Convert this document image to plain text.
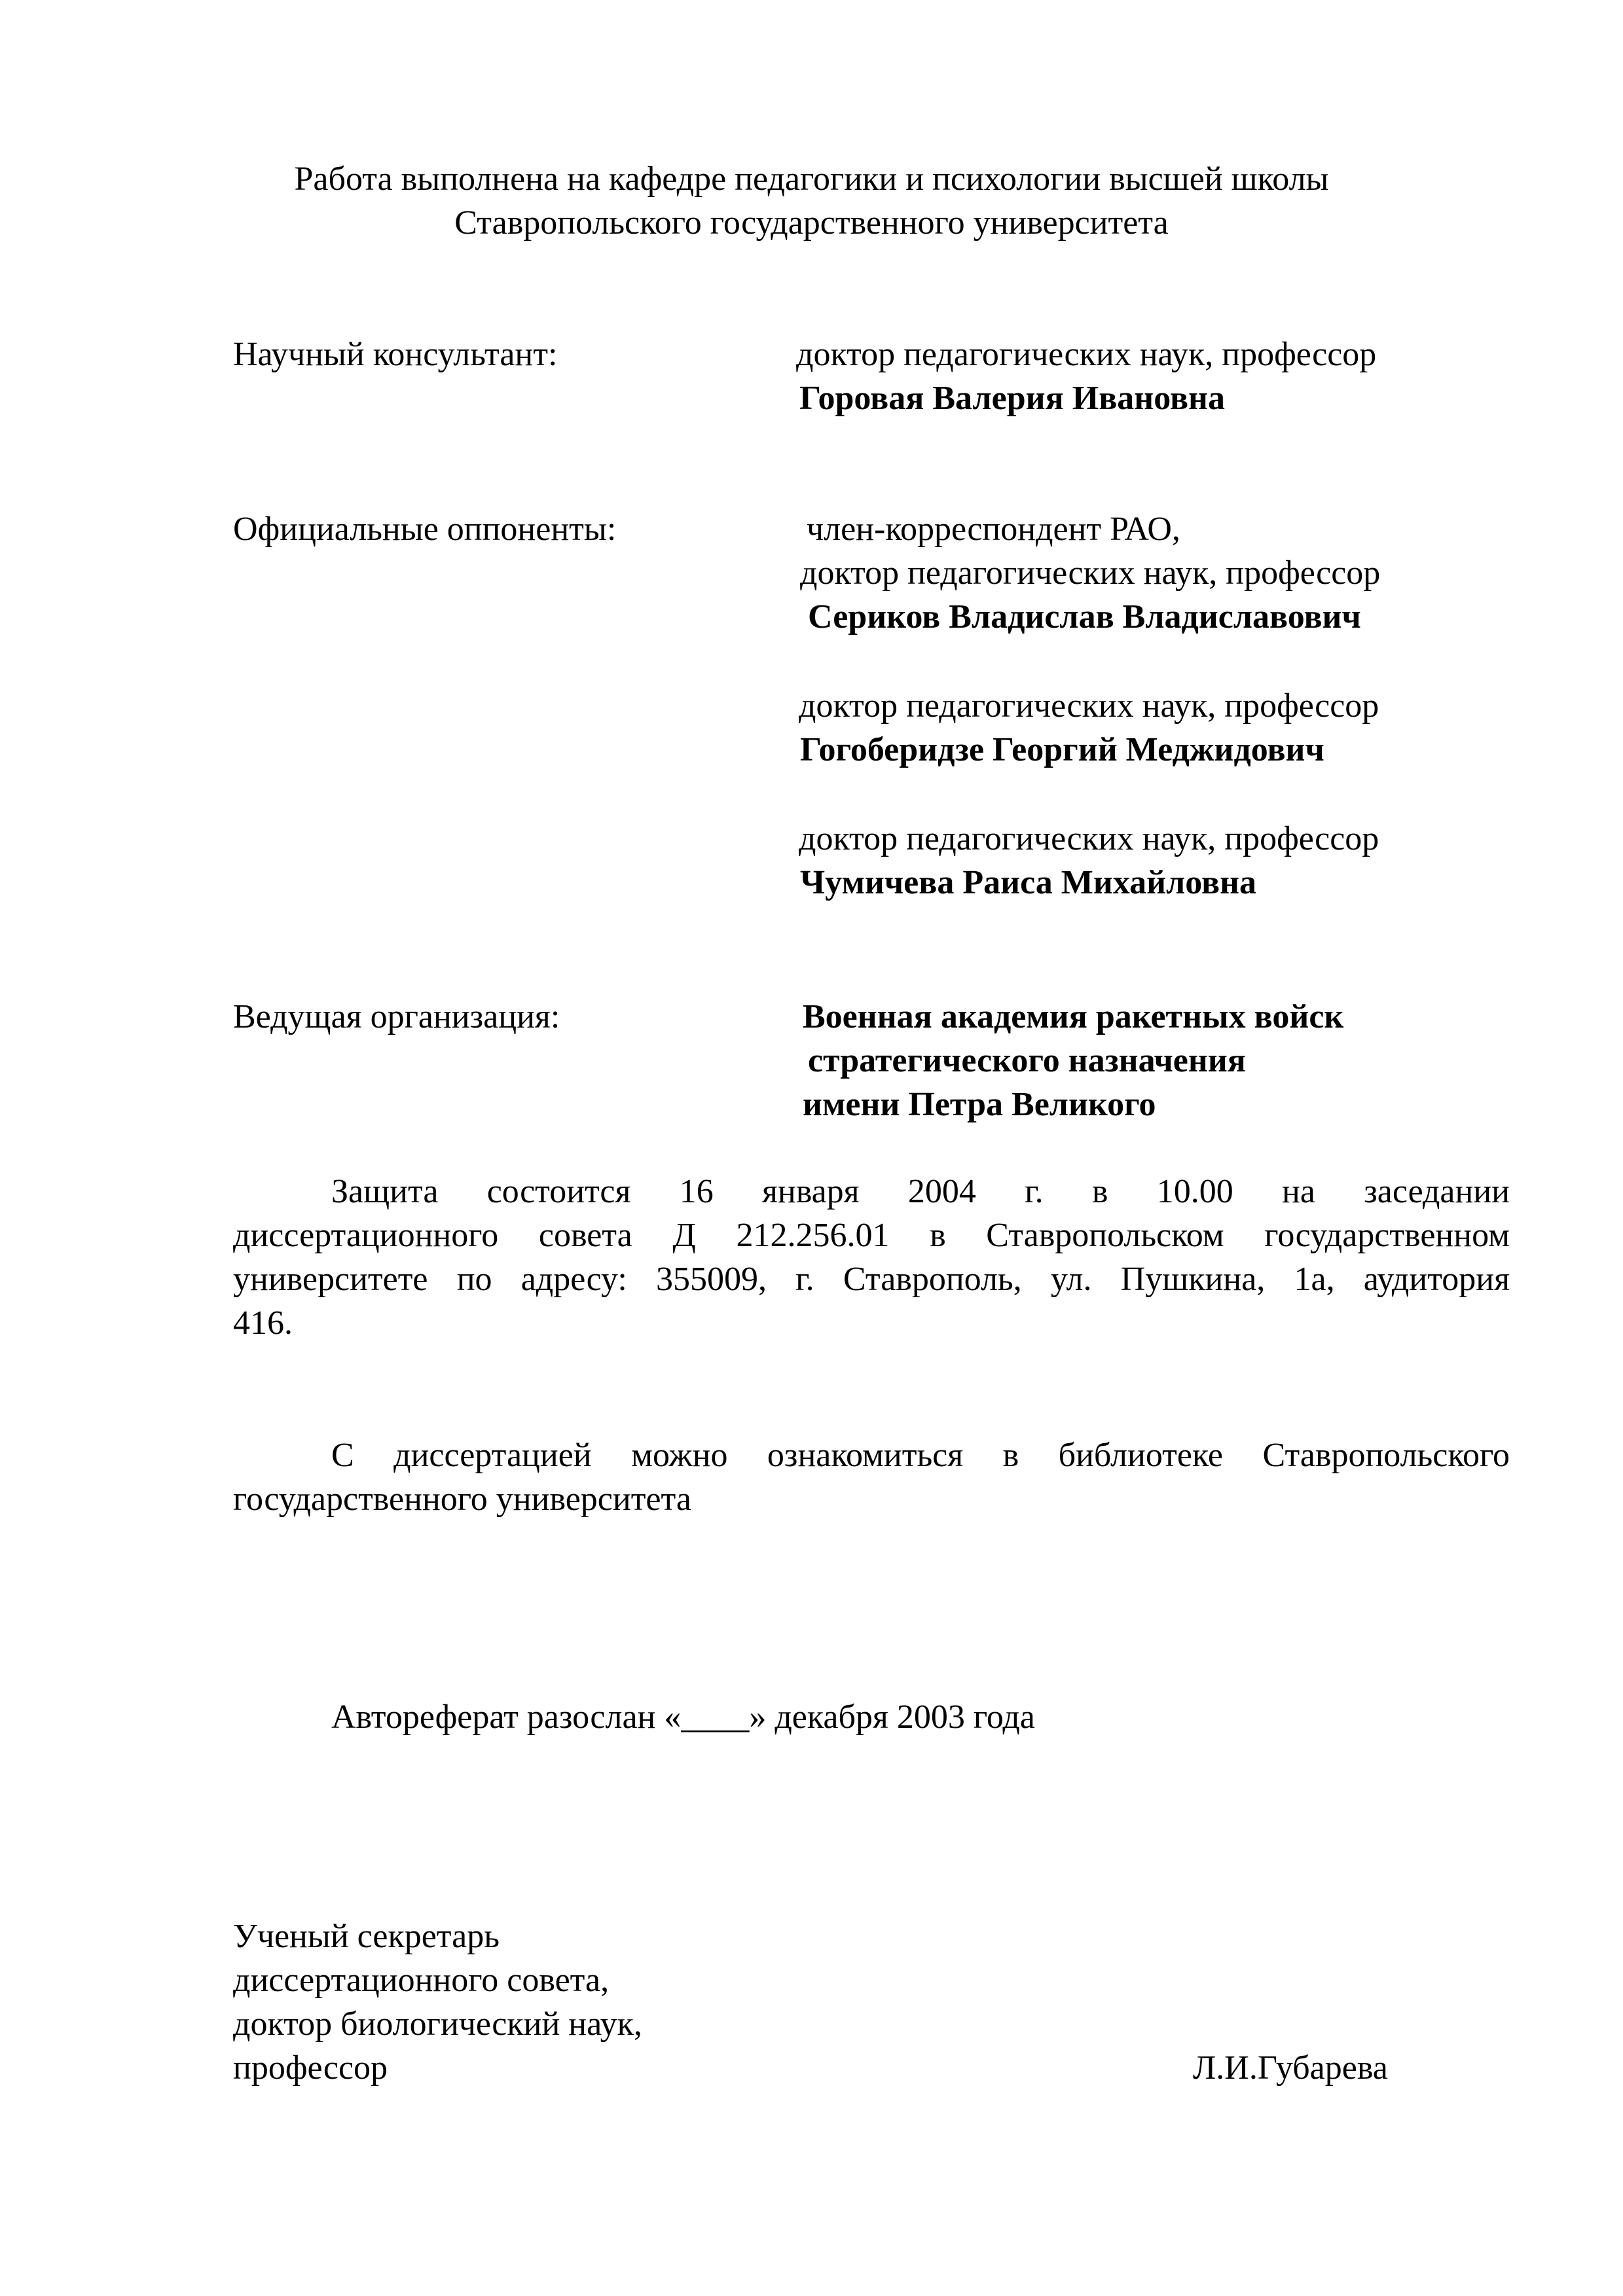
Работа выполнена на кафедре педагогики и психологии высшей школы
Ставропольского государственного университета
Научный консультант:	доктор педагогических наук, профессор
Горовая Валерия Ивановна
Официальные оппоненты:	член-корреспондент РАО,
доктор педагогических наук, профессор
Сериков Владислав Владиславович
доктор педагогических наук, профессор
Гогоберидзе Георгий Меджидович
доктор педагогических наук, профессор
Чумичева Раиса Михайловна
Ведущая организация:	Военная академия ракетных войск
стратегического назначения
имени Петра Великого
Защита состоится 16 января 2004 г. в 10.00 на заседании
диссертационного совета Д 212.256.01 в Ставропольском государственном
университете по адресу: 355009, г. Ставрополь, ул. Пушкина, 1а, аудитория
416.
С диссертацией можно ознакомиться в библиотеке Ставропольского
государственного университета
Автореферат разослан «____» декабря 2003 года
Ученый секретарь
диссертационного совета,
доктор биологический наук,
профессор	Л.И.Губарева
